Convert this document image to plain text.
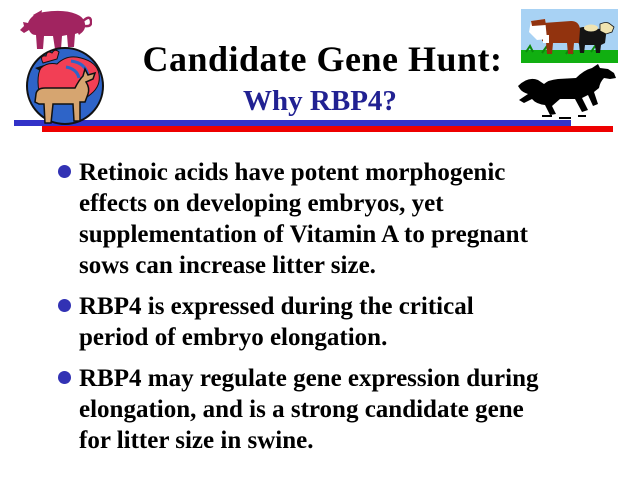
Candidate Gene Hunt:
Why RBP4?
Retinoic acids have potent morphogenic
effects on developing embryos, yet
supplementation of Vitamin A to pregnant
sows can increase litter size.
RBP4 is expressed during the critical
period of embryo elongation.
RBP4 may regulate gene expression during
elongation, and is a strong candidate gene
for litter size in swine.
